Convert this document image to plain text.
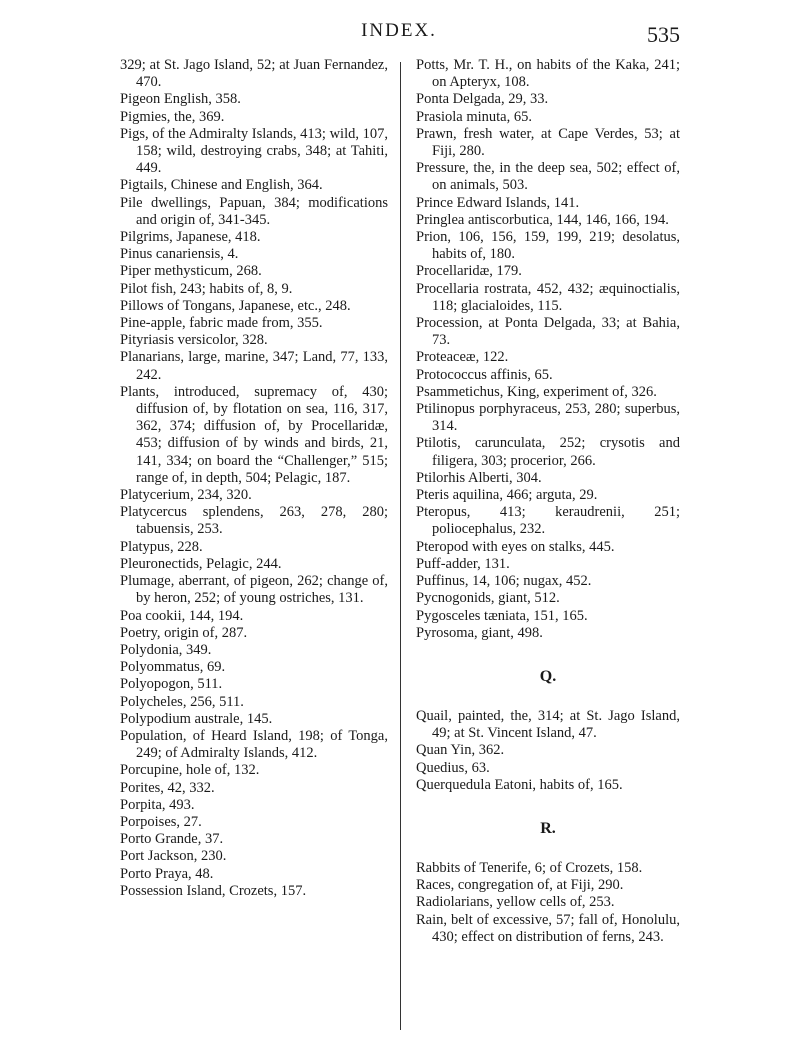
INDEX.	535
329; at St. Jago Island, 52; at Juan Fernandez, 470.
Pigeon English, 358.
Pigmies, the, 369.
Pigs, of the Admiralty Islands, 413; wild, 107, 158; wild, destroying crabs, 348; at Tahiti, 449.
Pigtails, Chinese and English, 364.
Pile dwellings, Papuan, 384; modifications and origin of, 341-345.
Pilgrims, Japanese, 418.
Pinus canariensis, 4.
Piper methysticum, 268.
Pilot fish, 243; habits of, 8, 9.
Pillows of Tongans, Japanese, etc., 248.
Pine-apple, fabric made from, 355.
Pityriasis versicolor, 328.
Planarians, large, marine, 347; Land, 77, 133, 242.
Plants, introduced, supremacy of, 430; diffusion of, by flotation on sea, 116, 317, 362, 374; diffusion of, by Procellaridæ, 453; diffusion of by winds and birds, 21, 141, 334; on board the “Challenger,” 515; range of, in depth, 504; Pelagic, 187.
Platycerium, 234, 320.
Platycercus splendens, 263, 278, 280; tabuensis, 253.
Platypus, 228.
Pleuronectids, Pelagic, 244.
Plumage, aberrant, of pigeon, 262; change of, by heron, 252; of young ostriches, 131.
Poa cookii, 144, 194.
Poetry, origin of, 287.
Polydonia, 349.
Polyommatus, 69.
Polyopogon, 511.
Polycheles, 256, 511.
Polypodium australe, 145.
Population, of Heard Island, 198; of Tonga, 249; of Admiralty Islands, 412.
Porcupine, hole of, 132.
Porites, 42, 332.
Porpita, 493.
Porpoises, 27.
Porto Grande, 37.
Port Jackson, 230.
Porto Praya, 48.
Possession Island, Crozets, 157.
Potts, Mr. T. H., on habits of the Kaka, 241; on Apteryx, 108.
Ponta Delgada, 29, 33.
Prasiola minuta, 65.
Prawn, fresh water, at Cape Verdes, 53; at Fiji, 280.
Pressure, the, in the deep sea, 502; effect of, on animals, 503.
Prince Edward Islands, 141.
Pringlea antiscorbutica, 144, 146, 166, 194.
Prion, 106, 156, 159, 199, 219; desolatus, habits of, 180.
Procellaridæ, 179.
Procellaria rostrata, 452, 432; æquinoctialis, 118; glacialoides, 115.
Procession, at Ponta Delgada, 33; at Bahia, 73.
Proteaceæ, 122.
Protococcus affinis, 65.
Psammetichus, King, experiment of, 326.
Ptilinopus porphyraceus, 253, 280; superbus, 314.
Ptilotis, carunculata, 252; crysotis and filigera, 303; procerior, 266.
Ptilorhis Alberti, 304.
Pteris aquilina, 466; arguta, 29.
Pteropus, 413; keraudrenii, 251; poliocephalus, 232.
Pteropod with eyes on stalks, 445.
Puff-adder, 131.
Puffinus, 14, 106; nugax, 452.
Pycnogonids, giant, 512.
Pygosceles tæniata, 151, 165.
Pyrosoma, giant, 498.
Q.
Quail, painted, the, 314; at St. Jago Island, 49; at St. Vincent Island, 47.
Quan Yin, 362.
Quedius, 63.
Querquedula Eatoni, habits of, 165.
R.
Rabbits of Tenerife, 6; of Crozets, 158.
Races, congregation of, at Fiji, 290.
Radiolarians, yellow cells of, 253.
Rain, belt of excessive, 57; fall of, Honolulu, 430; effect on distribution of ferns, 243.
